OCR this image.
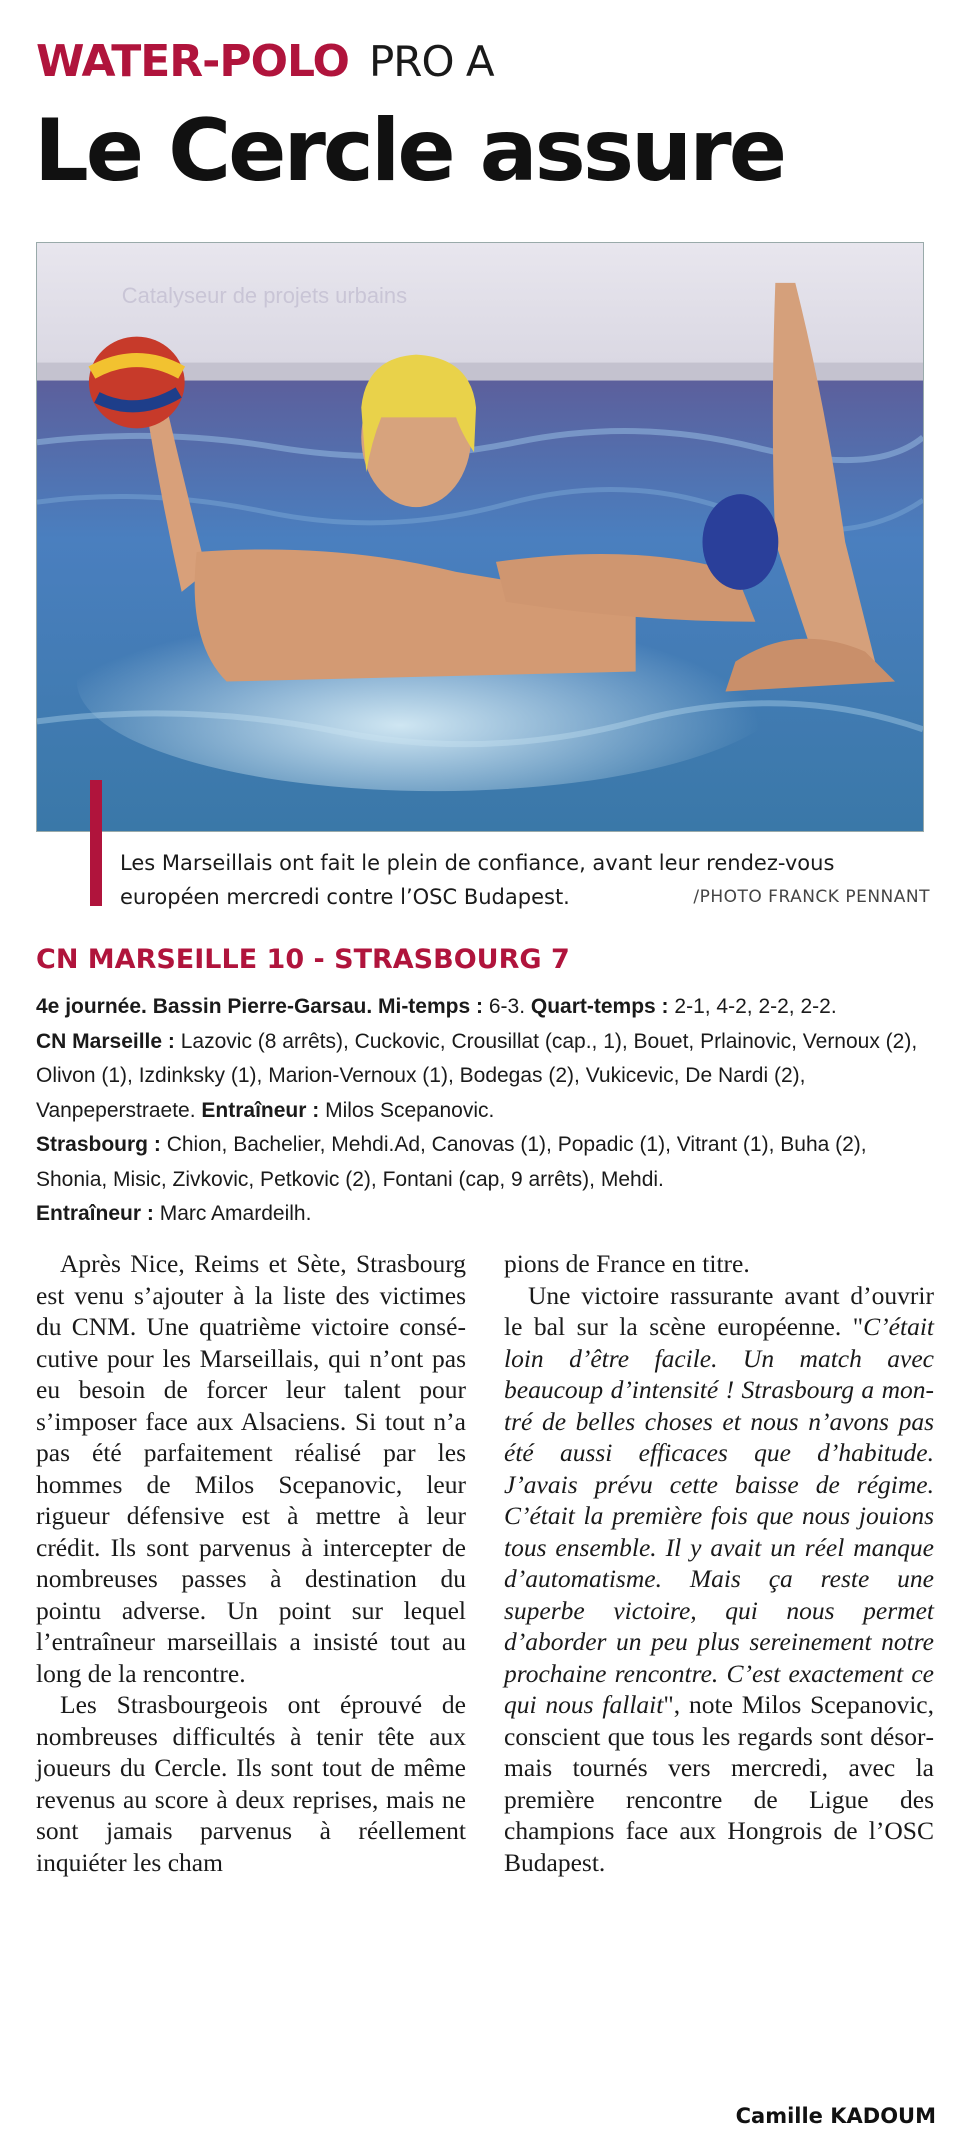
WATER-POLO PRO A
Le Cercle assure
Catalyseur de projets urbains
Les Marseillais ont fait le plein de confiance, avant leur rendez-vous européen mercredi contre l’OSC Budapest.	/PHOTO FRANCK PENNANT
CN MARSEILLE 10 - STRASBOURG 7
4e journée. Bassin Pierre-Garsau. Mi-temps : 6-3. Quart-temps : 2-1, 4-2, 2-2, 2-2.
CN Marseille : Lazovic (8 arrêts), Cuckovic, Crousillat (cap., 1), Bouet, Prlainovic, Vernoux (2), Olivon (1), Izdinksky (1), Marion-Vernoux (1), Bodegas (2), Vukicevic, De Nardi (2), Vanpeperstraete. Entraîneur : Milos Scepanovic.
Strasbourg : Chion, Bachelier, Mehdi.Ad, Canovas (1), Popadic (1), Vitrant (1), Buha (2), Shonia, Misic, Zivkovic, Petkovic (2), Fontani (cap, 9 arrêts), Mehdi.
Entraîneur : Marc Amardeilh.

Après Nice, Reims et Sète, Strasbourg est venu s’ajouter à la liste des victimes du CNM. Une quatrième victoire consécutive pour les Marseillais, qui n’ont pas eu besoin de forcer leur talent pour s’imposer face aux Alsaciens. Si tout n’a pas été parfaitement réalisé par les hommes de Milos Scepanovic, leur rigueur défensive est à mettre à leur crédit. Ils sont parvenus à intercepter de nombreuses passes à destination du pointu adverse. Un point sur lequel l’entraîneur marseillais a insisté tout au long de la rencontre.

Les Strasbourgeois ont éprouvé de nombreuses difficultés à tenir tête aux joueurs du Cercle. Ils sont tout de même revenus au score à deux reprises, mais ne sont jamais parvenus à réellement inquiéter les cham

pions de France en titre.

Une victoire rassurante avant d’ouvrir le bal sur la scène européenne. "C’était loin d’être facile. Un match avec beaucoup d’intensité ! Strasbourg a montré de belles choses et nous n’avons pas été aussi efficaces que d’habitude. J’avais prévu cette baisse de régime. C’était la première fois que nous jouions tous ensemble. Il y avait un réel manque d’automatisme. Mais ça reste une superbe victoire, qui nous permet d’aborder un peu plus sereinement notre prochaine rencontre. C’est exactement ce qui nous fallait", note Milos Scepanovic, conscient que tous les regards sont désormais tournés vers mercredi, avec la première rencontre de Ligue des champions face aux Hongrois de l’OSC Budapest.

Camille KADOUM
